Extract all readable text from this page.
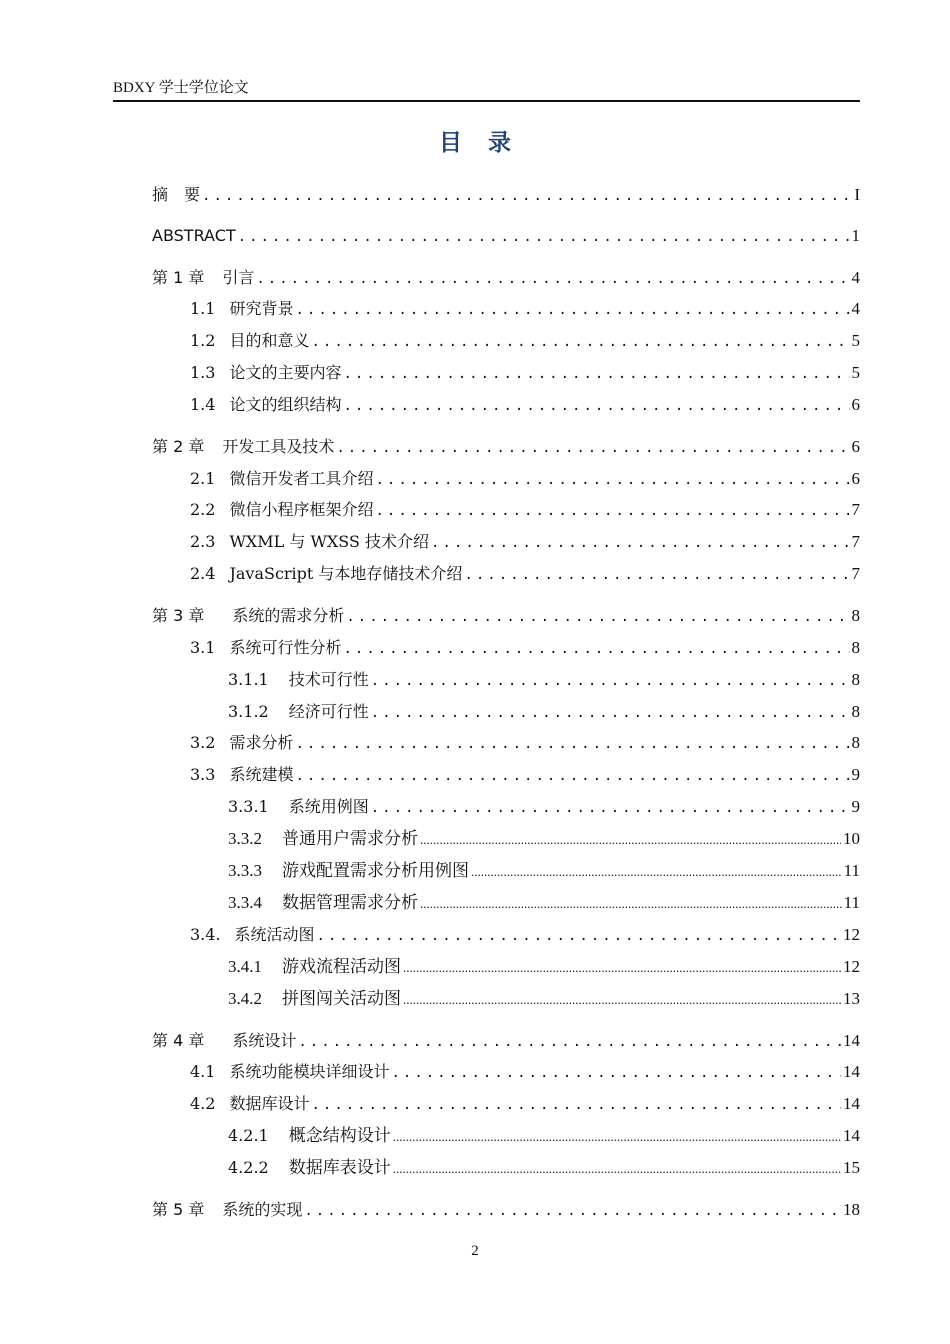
BDXY 学士学位论文
目录
摘　要 .....	I
ABSTRACT .....	1
第 1 章 引言 .....	4
1.1 研究背景 .....	4
1.2 目的和意义 .....	5
1.3 论文的主要内容 .....	5
1.4 论文的组织结构 .....	6
第 2 章 开发工具及技术 .....	6
2.1 微信开发者工具介绍 .....	6
2.2 微信小程序框架介绍 .....	7
2.3 WXML 与 WXSS 技术介绍 .....	7
2.4 JavaScript 与本地存储技术介绍 .....	7
第 3 章 系统的需求分析 .....	8
3.1 系统可行性分析 .....	8
3.1.1 技术可行性 .....	8
3.1.2 经济可行性 .....	8
3.2 需求分析 .....	8
3.3 系统建模 .....	9
3.3.1 系统用例图 .....	9
3.3.2 普通用户需求分析 .....	10
3.3.3 游戏配置需求分析用例图 .....	11
3.3.4 数据管理需求分析 .....	11
3.4. 系统活动图 .....	12
3.4.1 游戏流程活动图 .....	12
3.4.2 拼图闯关活动图 .....	13
第 4 章 系统设计 .....	14
4.1 系统功能模块详细设计 .....	14
4.2 数据库设计 .....	14
4.2.1 概念结构设计 .....	14
4.2.2 数据库表设计 .....	15
第 5 章 系统的实现 .....	18
2
